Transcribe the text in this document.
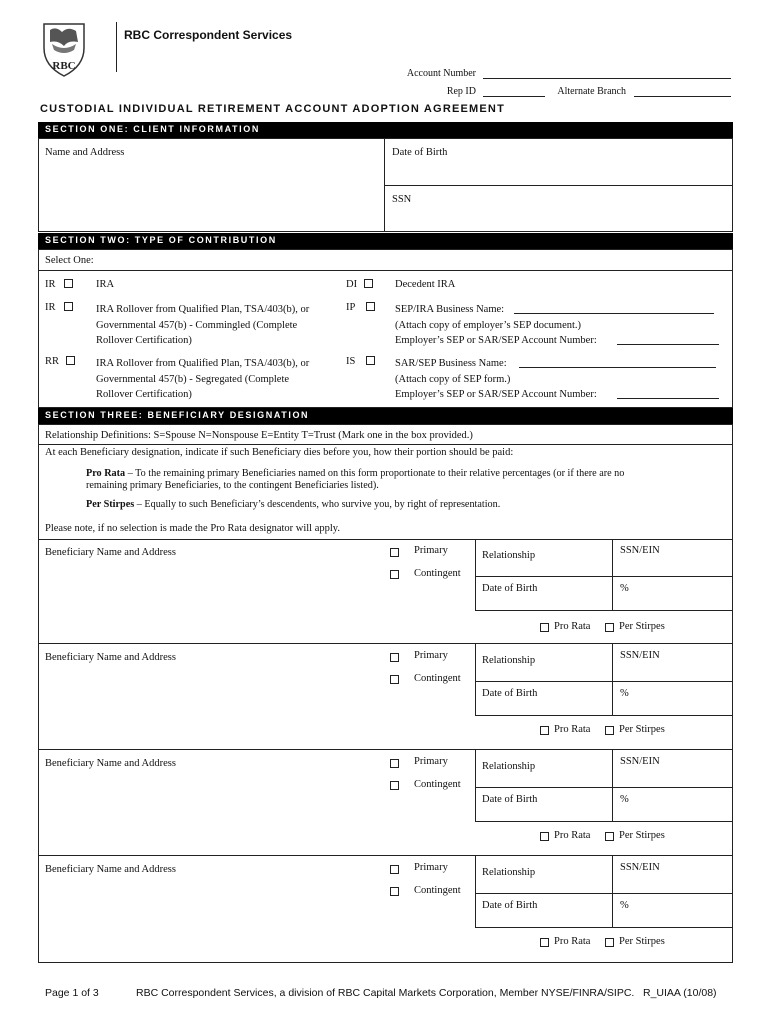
RBC
RBC Correspondent Services
Account Number
Rep ID	Alternate Branch
CUSTODIAL INDIVIDUAL RETIREMENT ACCOUNT ADOPTION AGREEMENT
SECTION ONE: CLIENT INFORMATION
Name and Address	Date of Birth
SSN
SECTION TWO: TYPE OF CONTRIBUTION
Select One:
IR	IRA
IR	IRA Rollover from Qualified Plan, TSA/403(b), or
Governmental 457(b) - Commingled (Complete
Rollover Certification)
RR	IRA Rollover from Qualified Plan, TSA/403(b), or
Governmental 457(b) - Segregated (Complete
Rollover Certification)
DI	Decedent IRA
IP	SEP/IRA Business Name:
(Attach copy of employer’s SEP document.)
Employer’s SEP or SAR/SEP Account Number:
IS	SAR/SEP Business Name:
(Attach copy of SEP form.)
Employer’s SEP or SAR/SEP Account Number:
SECTION THREE: BENEFICIARY DESIGNATION
Relationship Definitions: S=Spouse N=Nonspouse E=Entity T=Trust (Mark one in the box provided.)
At each Beneficiary designation, indicate if such Beneficiary dies before you, how their portion should be paid:
Pro Rata – To the remaining primary Beneficiaries named on this form proportionate to their relative percentages (or if there are no
remaining primary Beneficiaries, to the contingent Beneficiaries listed).
Per Stirpes – Equally to such Beneficiary’s descendents, who survive you, by right of representation.
Please note, if no selection is made the Pro Rata designator will apply.
Beneficiary Name and Address	Primary
Contingent
Relationship	SSN/EIN
Date of Birth	%
Pro Rata	Per Stirpes
Beneficiary Name and Address	Primary
Contingent
Relationship	SSN/EIN
Date of Birth	%
Pro Rata	Per Stirpes
Beneficiary Name and Address	Primary
Contingent
Relationship	SSN/EIN
Date of Birth	%
Pro Rata	Per Stirpes
Beneficiary Name and Address	Primary
Contingent
Relationship	SSN/EIN
Date of Birth	%
Pro Rata	Per Stirpes
Page 1 of 3	RBC Correspondent Services, a division of RBC Capital Markets Corporation, Member NYSE/FINRA/SIPC. R_UIAA (10/08)
